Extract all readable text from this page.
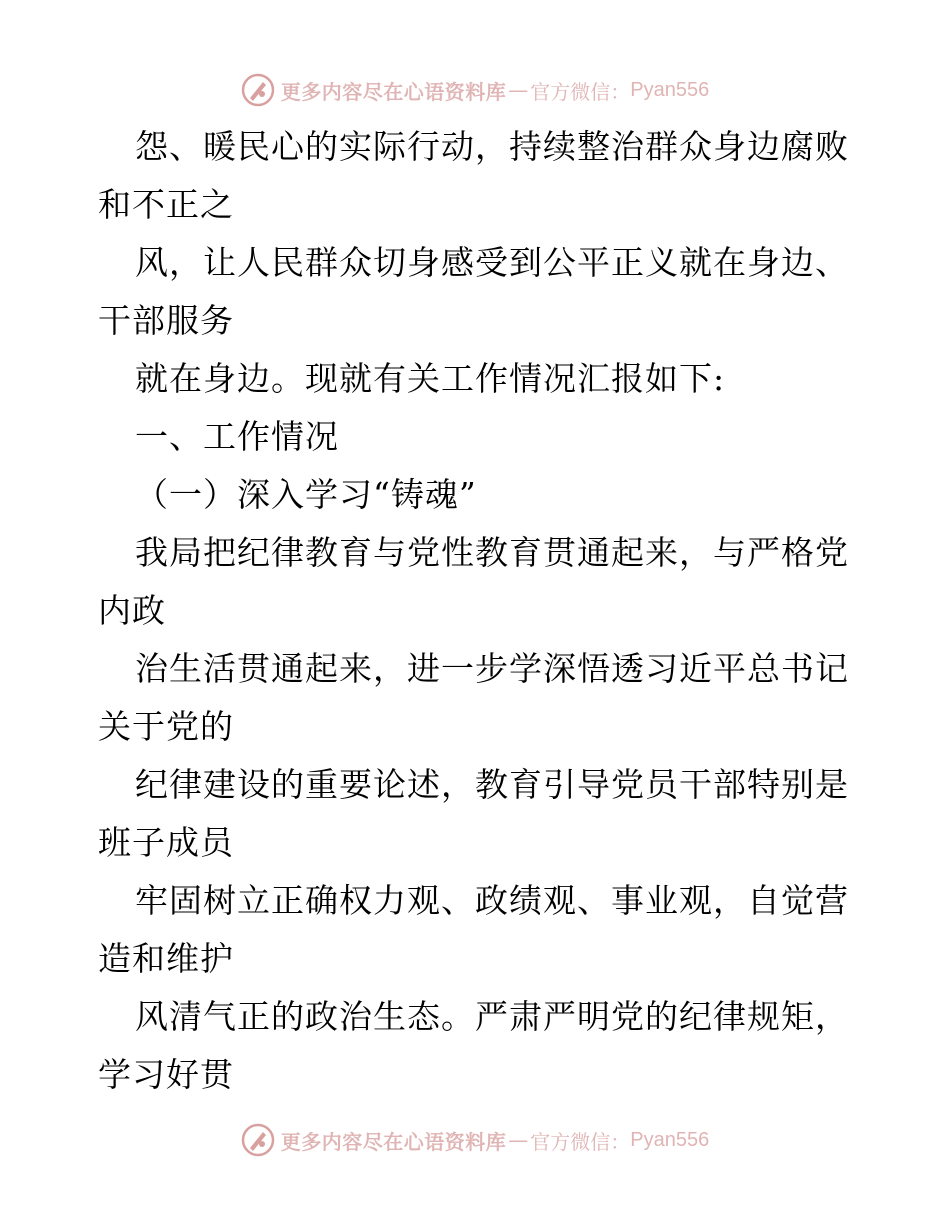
更多内容尽在心语资料库 — 官方微信： Pyan556
怨、暖民心的实际行动，持续整治群众身边腐败
和不正之
风，让人民群众切身感受到公平正义就在身边、
干部服务
就在身边。现就有关工作情况汇报如下:
一、工作情况
（一）深入学习“铸魂”
我局把纪律教育与党性教育贯通起来，与严格党
内政
治生活贯通起来，进一步学深悟透习近平总书记
关于党的
纪律建设的重要论述，教育引导党员干部特别是
班子成员
牢固树立正确权力观、政绩观、事业观，自觉营
造和维护
风清气正的政治生态。严肃严明党的纪律规矩，
学习好贯
更多内容尽在心语资料库 — 官方微信： Pyan556
